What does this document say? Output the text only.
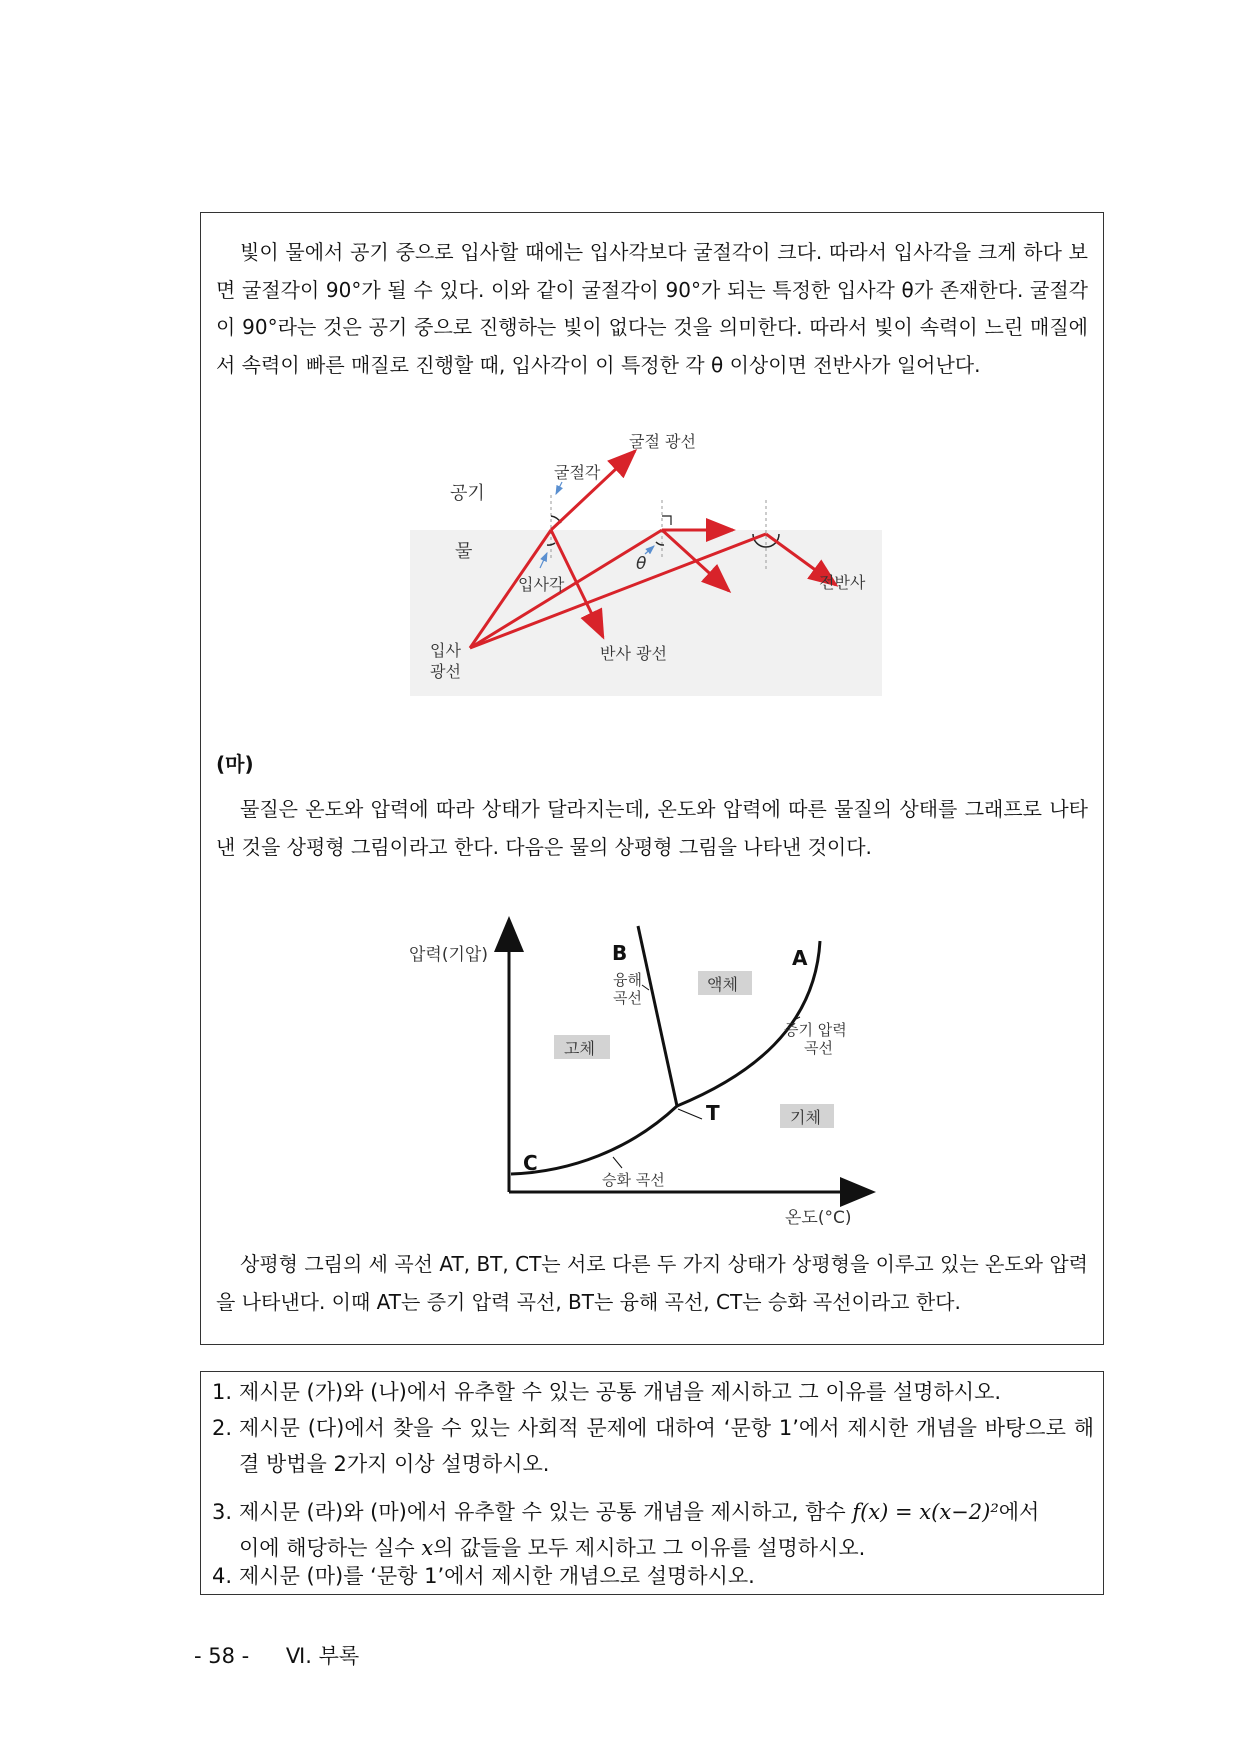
빛이 물에서 공기 중으로 입사할 때에는 입사각보다 굴절각이 크다. 따라서 입사각을 크게 하다 보면 굴절각이 90°가 될 수 있다. 이와 같이 굴절각이 90°가 되는 특정한 입사각 θ가 존재한다. 굴절각이 90°라는 것은 공기 중으로 진행하는 빛이 없다는 것을 의미한다. 따라서 빛이 속력이 느린 매질에서 속력이 빠른 매질로 진행할 때, 입사각이 이 특정한 각 θ 이상이면 전반사가 일어난다.

공기
물
굴절 광선
굴절각
입사각
θ
전반사
입사
광선
반사 광선

(마)

물질은 온도와 압력에 따라 상태가 달라지는데, 온도와 압력에 따른 물질의 상태를 그래프로 나타낸 것을 상평형 그림이라고 한다. 다음은 물의 상평형 그림을 나타낸 것이다.

압력(기압)
온도(°C)
B	A
T
C
융해
곡선
액체
고체
기체
증기 압력
곡선
승화 곡선

상평형 그림의 세 곡선 AT, BT, CT는 서로 다른 두 가지 상태가 상평형을 이루고 있는 온도와 압력을 나타낸다. 이때 AT는 증기 압력 곡선, BT는 융해 곡선, CT는 승화 곡선이라고 한다.

1. 제시문 (가)와 (나)에서 유추할 수 있는 공통 개념을 제시하고 그 이유를 설명하시오.
2. 제시문 (다)에서 찾을 수 있는 사회적 문제에 대하여 ‘문항 1’에서 제시한 개념을 바탕으로 해결 방법을 2가지 이상 설명하시오.
3. 제시문 (라)와 (마)에서 유추할 수 있는 공통 개념을 제시하고, 함수 f(x) = x(x−2)²에서
이에 해당하는 실수 x의 값들을 모두 제시하고 그 이유를 설명하시오.
4. 제시문 (마)를 ‘문항 1’에서 제시한 개념으로 설명하시오.
- 58 - Ⅵ. 부록
